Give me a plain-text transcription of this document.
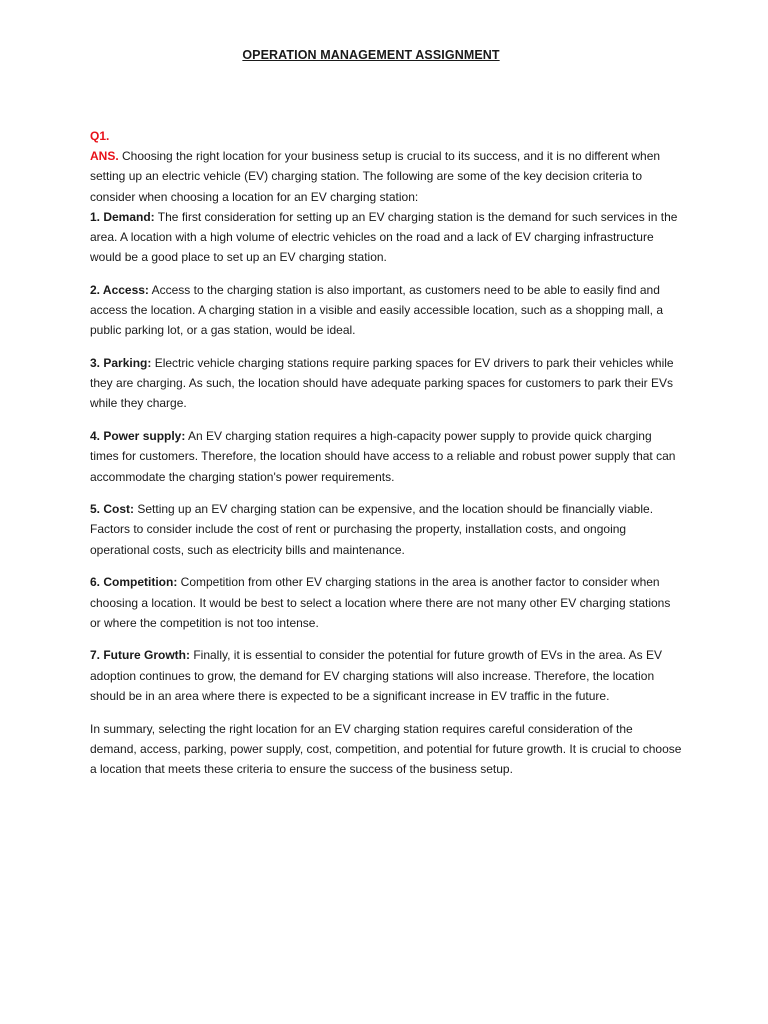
OPERATION MANAGEMENT ASSIGNMENT
Q1.

ANS. Choosing the right location for your business setup is crucial to its success, and it is no different when setting up an electric vehicle (EV) charging station. The following are some of the key decision criteria to consider when choosing a location for an EV charging station:

1. Demand: The first consideration for setting up an EV charging station is the demand for such services in the area. A location with a high volume of electric vehicles on the road and a lack of EV charging infrastructure would be a good place to set up an EV charging station.

2. Access: Access to the charging station is also important, as customers need to be able to easily find and access the location. A charging station in a visible and easily accessible location, such as a shopping mall, a public parking lot, or a gas station, would be ideal.

3. Parking: Electric vehicle charging stations require parking spaces for EV drivers to park their vehicles while they are charging. As such, the location should have adequate parking spaces for customers to park their EVs while they charge.

4. Power supply: An EV charging station requires a high-capacity power supply to provide quick charging times for customers. Therefore, the location should have access to a reliable and robust power supply that can accommodate the charging station's power requirements.

5. Cost: Setting up an EV charging station can be expensive, and the location should be financially viable. Factors to consider include the cost of rent or purchasing the property, installation costs, and ongoing operational costs, such as electricity bills and maintenance.

6. Competition: Competition from other EV charging stations in the area is another factor to consider when choosing a location. It would be best to select a location where there are not many other EV charging stations or where the competition is not too intense.

7. Future Growth: Finally, it is essential to consider the potential for future growth of EVs in the area. As EV adoption continues to grow, the demand for EV charging stations will also increase. Therefore, the location should be in an area where there is expected to be a significant increase in EV traffic in the future.

In summary, selecting the right location for an EV charging station requires careful consideration of the demand, access, parking, power supply, cost, competition, and potential for future growth. It is crucial to choose a location that meets these criteria to ensure the success of the business setup.
